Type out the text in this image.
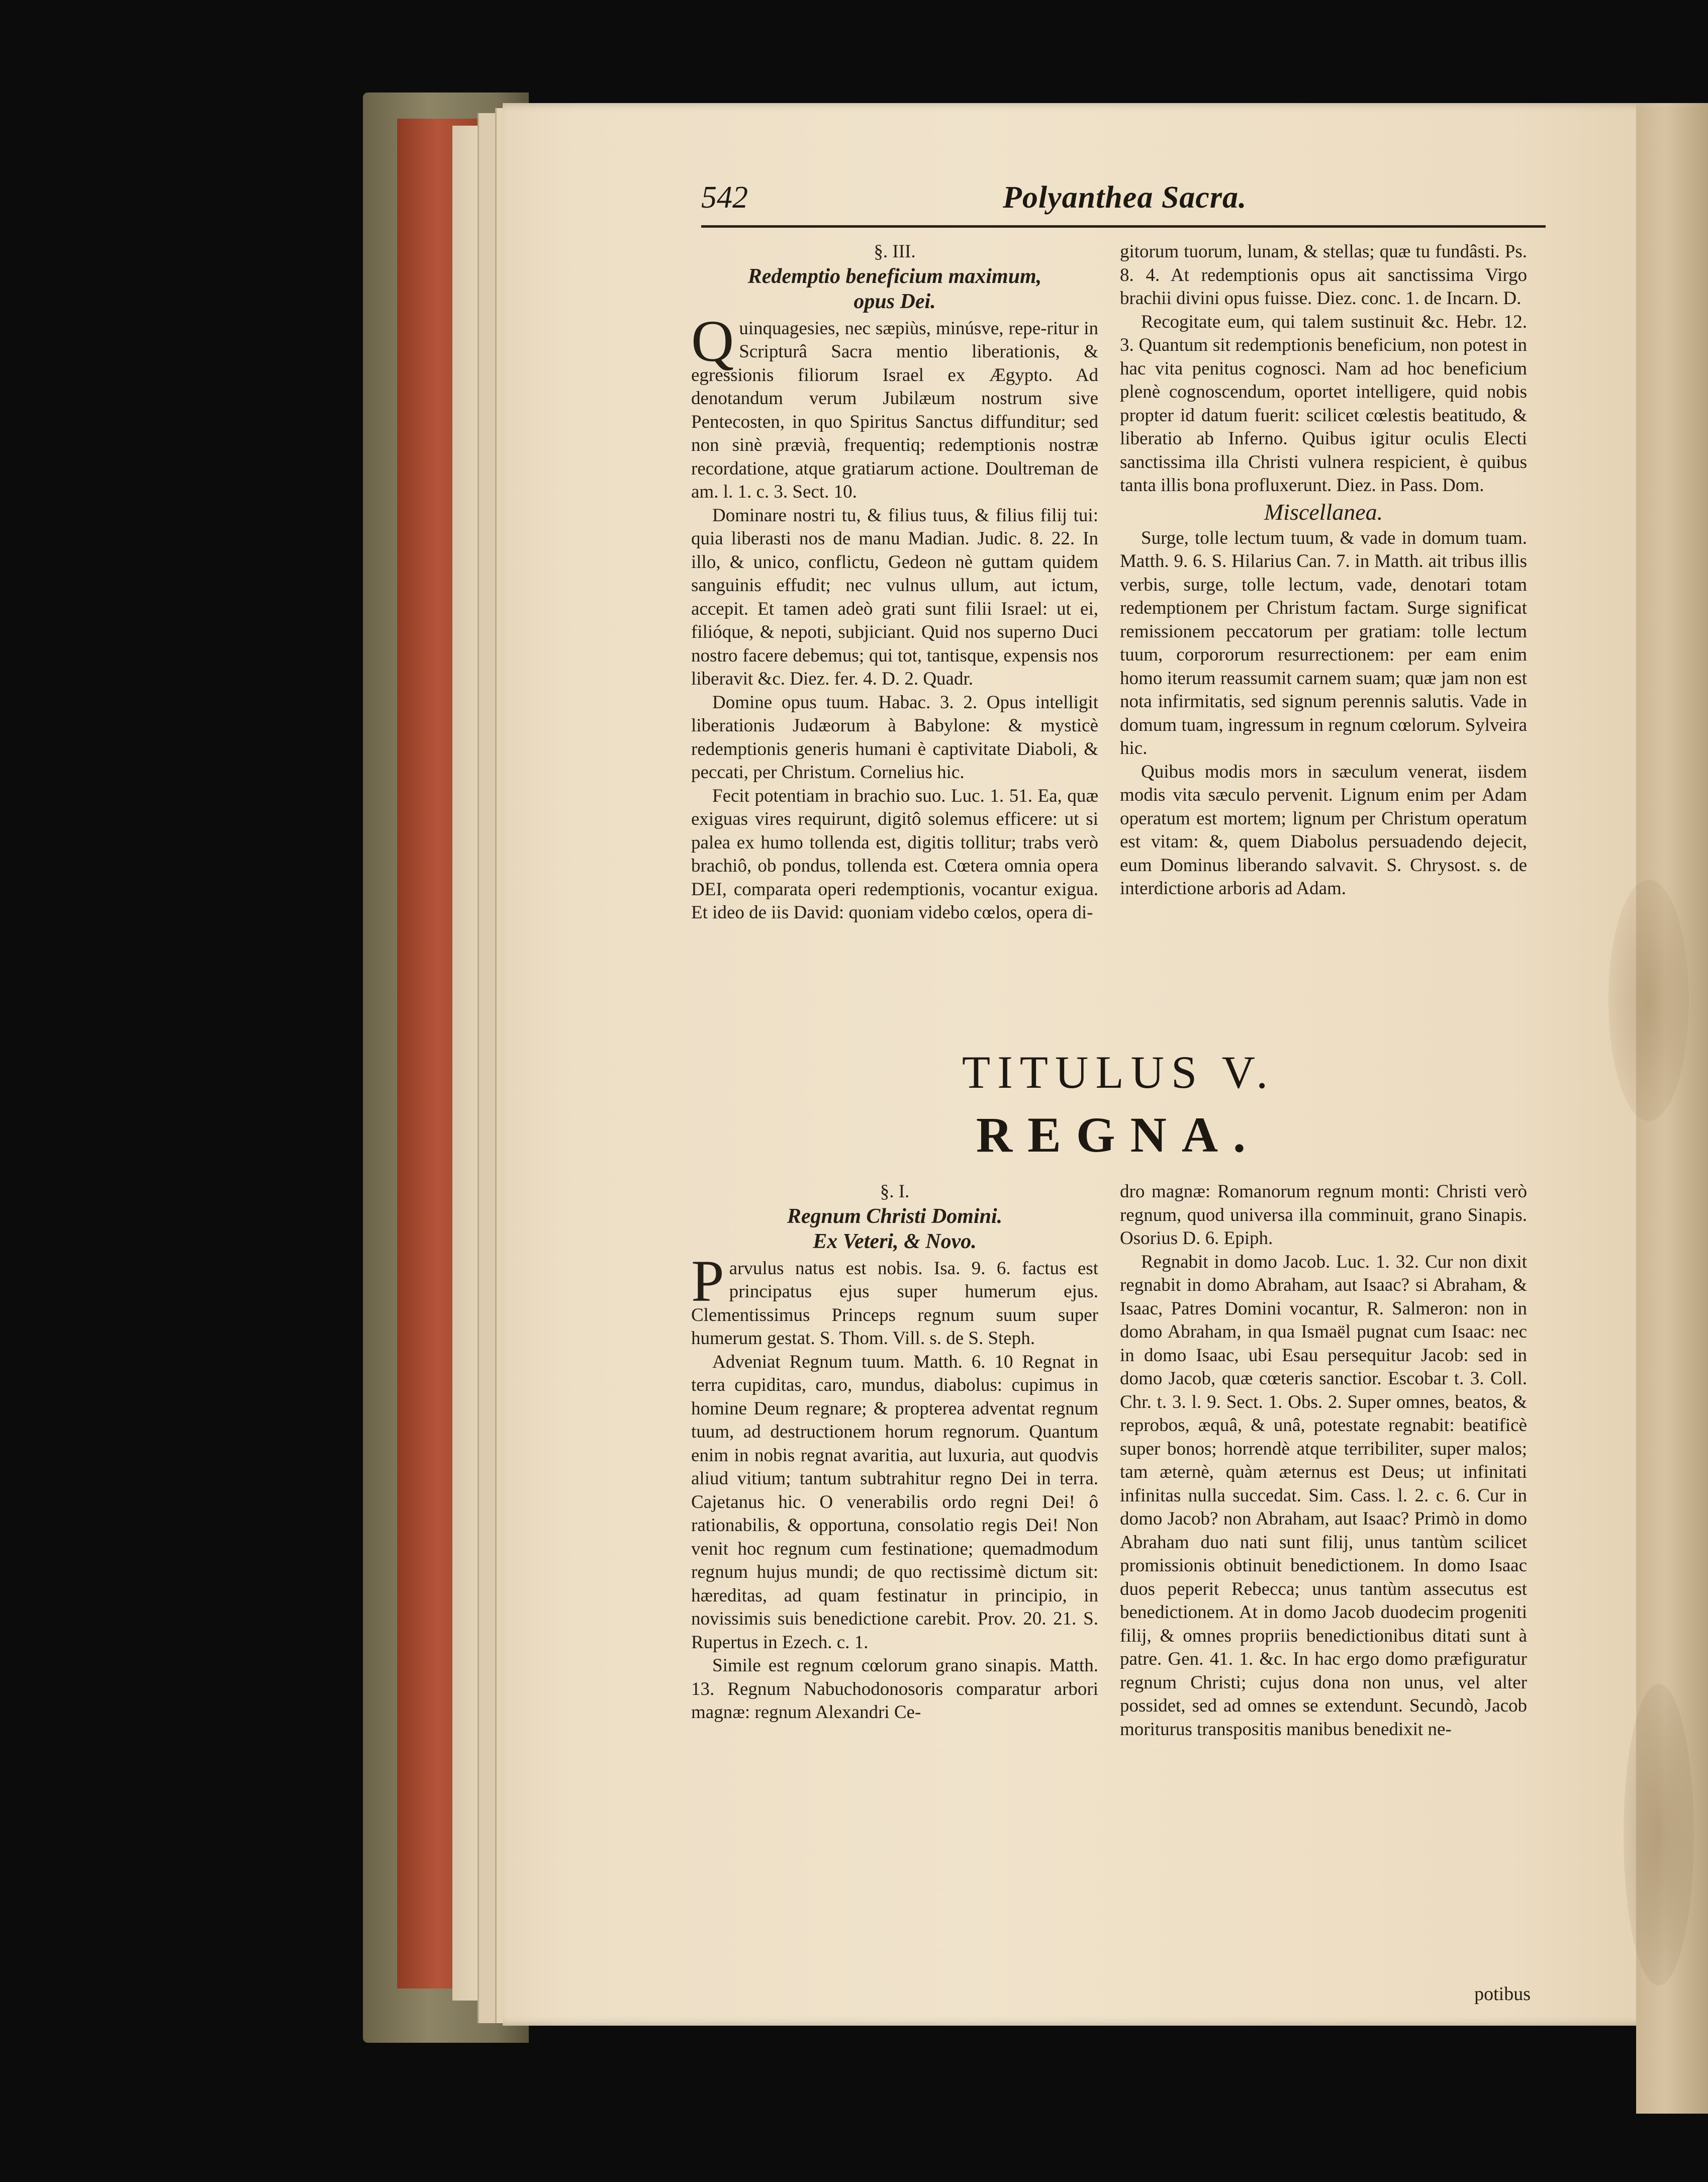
542	Polyanthea Sacra.

§. III.

Redemptio beneficium maximum,

opus Dei.

Quinquagesies, nec sæpiùs, minúsve, repe-ritur in Scripturâ Sacra mentio liberationis, & egressionis filiorum Israel ex Ægypto. Ad denotandum verum Jubilæum nostrum sive Pentecosten, in quo Spiritus Sanctus diffunditur; sed non sinè prævià, frequentiq; redemptionis nostræ recordatione, atque gratiarum actione. Doultreman de am. l. 1. c. 3. Sect. 10.

Dominare nostri tu, & filius tuus, & filius filij tui: quia liberasti nos de manu Madian. Judic. 8. 22. In illo, & unico, conflictu, Gedeon nè guttam quidem sanguinis effudit; nec vulnus ullum, aut ictum, accepit. Et tamen adeò grati sunt filii Israel: ut ei, filióque, & nepoti, subjiciant. Quid nos superno Duci nostro facere debemus; qui tot, tantisque, expensis nos liberavit &c. Diez. fer. 4. D. 2. Quadr.

Domine opus tuum. Habac. 3. 2. Opus intelligit liberationis Judæorum à Babylone: & mysticè redemptionis generis humani è captivitate Diaboli, & peccati, per Christum. Cornelius hic.

Fecit potentiam in brachio suo. Luc. 1. 51. Ea, quæ exiguas vires requirunt, digitô solemus efficere: ut si palea ex humo tollenda est, digitis tollitur; trabs verò brachiô, ob pondus, tollenda est. Cœtera omnia opera DEI, comparata operi redemptionis, vocantur exigua. Et ideo de iis David: quoniam videbo cœlos, opera di-

gitorum tuorum, lunam, & stellas; quæ tu fundâsti. Ps. 8. 4. At redemptionis opus ait sanctissima Virgo brachii divini opus fuisse. Diez. conc. 1. de Incarn. D.

Recogitate eum, qui talem sustinuit &c. Hebr. 12. 3. Quantum sit redemptionis beneficium, non potest in hac vita penitus cognosci. Nam ad hoc beneficium plenè cognoscendum, oportet intelligere, quid nobis propter id datum fuerit: scilicet cœlestis beatitudo, & liberatio ab Inferno. Quibus igitur oculis Electi sanctissima illa Christi vulnera respicient, è quibus tanta illis bona profluxerunt. Diez. in Pass. Dom.

Miscellanea.

Surge, tolle lectum tuum, & vade in domum tuam. Matth. 9. 6. S. Hilarius Can. 7. in Matth. ait tribus illis verbis, surge, tolle lectum, vade, denotari totam redemptionem per Christum factam. Surge significat remissionem peccatorum per gratiam: tolle lectum tuum, corpororum resurrectionem: per eam enim homo iterum reassumit carnem suam; quæ jam non est nota infirmitatis, sed signum perennis salutis. Vade in domum tuam, ingressum in regnum cœlorum. Sylveira hic.

Quibus modis mors in sæculum venerat, iisdem modis vita sæculo pervenit. Lignum enim per Adam operatum est mortem; lignum per Christum operatum est vitam: &, quem Diabolus persuadendo dejecit, eum Dominus liberando salvavit. S. Chrysost. s. de interdictione arboris ad Adam.

TITULUS V.
REGNA.

§. I.

Regnum Christi Domini.

Ex Veteri, & Novo.

Parvulus natus est nobis. Isa. 9. 6. factus est principatus ejus super humerum ejus. Clementissimus Princeps regnum suum super humerum gestat. S. Thom. Vill. s. de S. Steph.

Adveniat Regnum tuum. Matth. 6. 10 Regnat in terra cupiditas, caro, mundus, diabolus: cupimus in homine Deum regnare; & propterea adventat regnum tuum, ad destructionem horum regnorum. Quantum enim in nobis regnat avaritia, aut luxuria, aut quodvis aliud vitium; tantum subtrahitur regno Dei in terra. Cajetanus hic. O venerabilis ordo regni Dei! ô rationabilis, & opportuna, consolatio regis Dei! Non venit hoc regnum cum festinatione; quemadmodum regnum hujus mundi; de quo rectissimè dictum sit: hæreditas, ad quam festinatur in principio, in novissimis suis benedictione carebit. Prov. 20. 21. S. Rupertus in Ezech. c. 1.

Simile est regnum cœlorum grano sinapis. Matth. 13. Regnum Nabuchodonosoris comparatur arbori magnæ: regnum Alexandri Ce-

dro magnæ: Romanorum regnum monti: Christi verò regnum, quod universa illa comminuit, grano Sinapis. Osorius D. 6. Epiph.

Regnabit in domo Jacob. Luc. 1. 32. Cur non dixit regnabit in domo Abraham, aut Isaac? si Abraham, & Isaac, Patres Domini vocantur, R. Salmeron: non in domo Abraham, in qua Ismaël pugnat cum Isaac: nec in domo Isaac, ubi Esau persequitur Jacob: sed in domo Jacob, quæ cœteris sanctior. Escobar t. 3. Coll. Chr. t. 3. l. 9. Sect. 1. Obs. 2. Super omnes, beatos, & reprobos, æquâ, & unâ, potestate regnabit: beatificè super bonos; horrendè atque terribiliter, super malos; tam æternè, quàm æternus est Deus; ut infinitati infinitas nulla succedat. Sim. Cass. l. 2. c. 6. Cur in domo Jacob? non Abraham, aut Isaac? Primò in domo Abraham duo nati sunt filij, unus tantùm scilicet promissionis obtinuit benedictionem. In domo Isaac duos peperit Rebecca; unus tantùm assecutus est benedictionem. At in domo Jacob duodecim progeniti filij, & omnes propriis benedictionibus ditati sunt à patre. Gen. 41. 1. &c. In hac ergo domo præfiguratur regnum Christi; cujus dona non unus, vel alter possidet, sed ad omnes se extendunt. Secundò, Jacob moriturus transpositis manibus benedixit ne-

potibus
